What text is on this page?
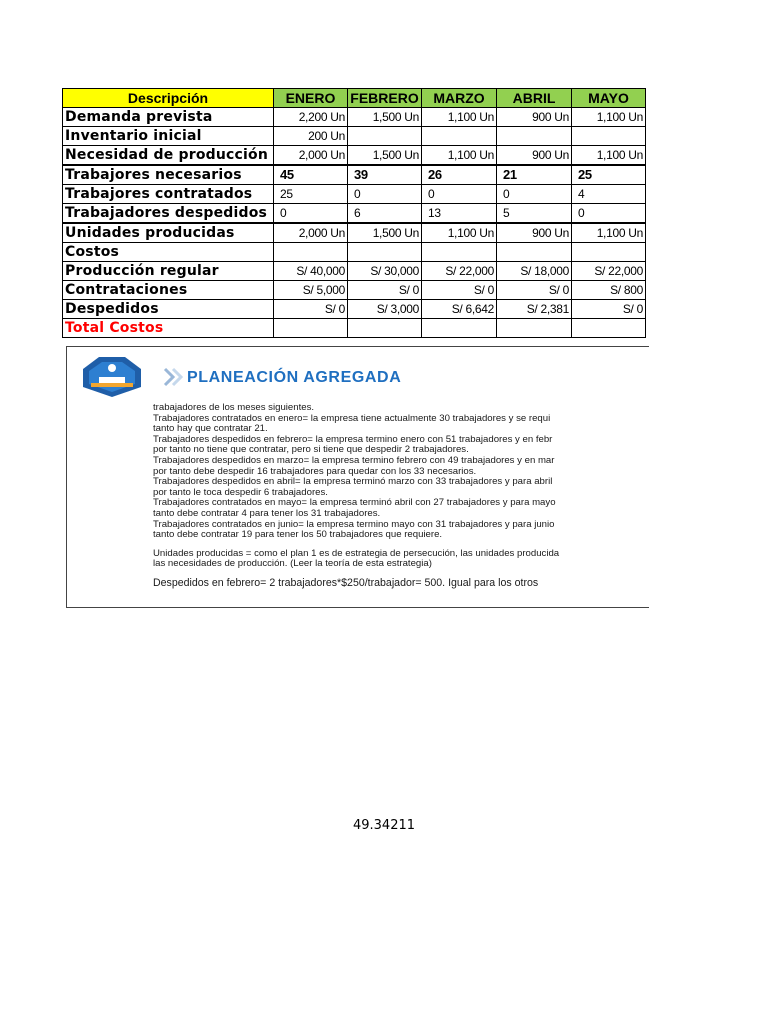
Descripción	ENERO	FEBRERO	MARZO	ABRIL	MAYO
Demanda prevista	2,200 Un	1,500 Un	1,100 Un	900 Un	1,100 Un
Inventario inicial	200 Un				
Necesidad de producción	2,000 Un	1,500 Un	1,100 Un	900 Un	1,100 Un
Trabajores necesarios	45	39	26	21	25
Trabajores contratados	25	0	0	0	4
Trabajadores despedidos	0	6	13	5	0
Unidades producidas	2,000 Un	1,500 Un	1,100 Un	900 Un	1,100 Un
Costos					
Producción regular	S/ 40,000	S/ 30,000	S/ 22,000	S/ 18,000	S/ 22,000
Contrataciones	S/ 5,000	S/ 0	S/ 0	S/ 0	S/ 800
Despedidos	S/ 0	S/ 3,000	S/ 6,642	S/ 2,381	S/ 0
Total Costos					
PLANEACIÓN AGREGADA

trabajadores de los meses siguientes.

Trabajadores contratados en enero= la empresa tiene actualmente 30 trabajadores y se requi

tanto hay que contratar 21.

Trabajadores despedidos en febrero= la empresa termino enero con 51 trabajadores y en febr

por tanto no tiene que contratar, pero si tiene que despedir 2 trabajadores.

Trabajadores despedidos en marzo= la empresa termino febrero con 49 trabajadores y en mar

por tanto debe despedir 16 trabajadores para quedar con los 33 necesarios.

Trabajadores despedidos en abril= la empresa terminó marzo con 33 trabajadores y para abril

por tanto le toca despedir 6 trabajadores.

Trabajadores contratados en mayo= la empresa terminó abril con 27 trabajadores y para mayo

tanto debe contratar 4 para tener los 31 trabajadores.

Trabajadores contratados en junio= la empresa termino mayo con 31 trabajadores y para junio

tanto debe contratar 19 para tener los 50 trabajadores que requiere.

Unidades producidas = como el plan 1 es de estrategia de persecución, las unidades producida

las necesidades de producción. (Leer la teoría de esta estrategia)

Despedidos en febrero= 2 trabajadores*$250/trabajador= 500. Igual para los otros

49.34211
